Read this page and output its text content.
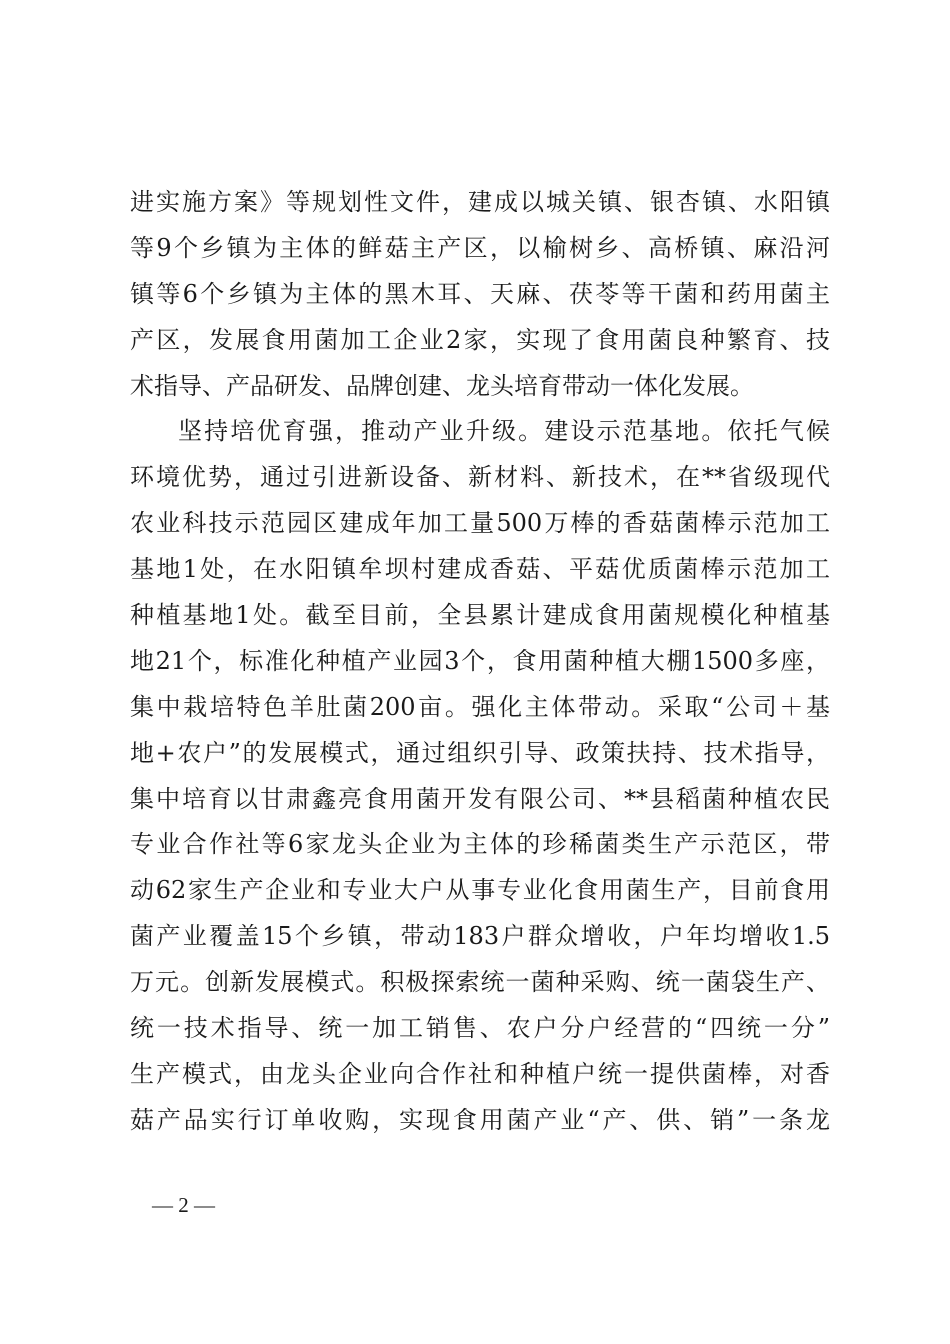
进实施方案》等规划性文件，建成以城关镇、银杏镇、水阳镇
等9个乡镇为主体的鲜菇主产区，以榆树乡、高桥镇、麻沿河
镇等6个乡镇为主体的黑木耳、天麻、茯苓等干菌和药用菌主
产区，发展食用菌加工企业2家，实现了食用菌良种繁育、技
术指导、产品研发、品牌创建、龙头培育带动一体化发展。
坚持培优育强，推动产业升级。建设示范基地。依托气候
环境优势，通过引进新设备、新材料、新技术，在**省级现代
农业科技示范园区建成年加工量500万棒的香菇菌棒示范加工
基地1处，在水阳镇牟坝村建成香菇、平菇优质菌棒示范加工
种植基地1处。截至目前，全县累计建成食用菌规模化种植基
地21个，标准化种植产业园3个，食用菌种植大棚1500多座，
集中栽培特色羊肚菌200亩。强化主体带动。采取“公司＋基
地+农户”的发展模式，通过组织引导、政策扶持、技术指导，
集中培育以甘肃鑫亮食用菌开发有限公司、**县稻菌种植农民
专业合作社等6家龙头企业为主体的珍稀菌类生产示范区，带
动62家生产企业和专业大户从事专业化食用菌生产，目前食用
菌产业覆盖15个乡镇，带动183户群众增收，户年均增收1.5
万元。创新发展模式。积极探索统一菌种采购、统一菌袋生产、
统一技术指导、统一加工销售、农户分户经营的“四统一分”
生产模式，由龙头企业向合作社和种植户统一提供菌棒，对香
菇产品实行订单收购，实现食用菌产业“产、供、销”一条龙
— 2 —
